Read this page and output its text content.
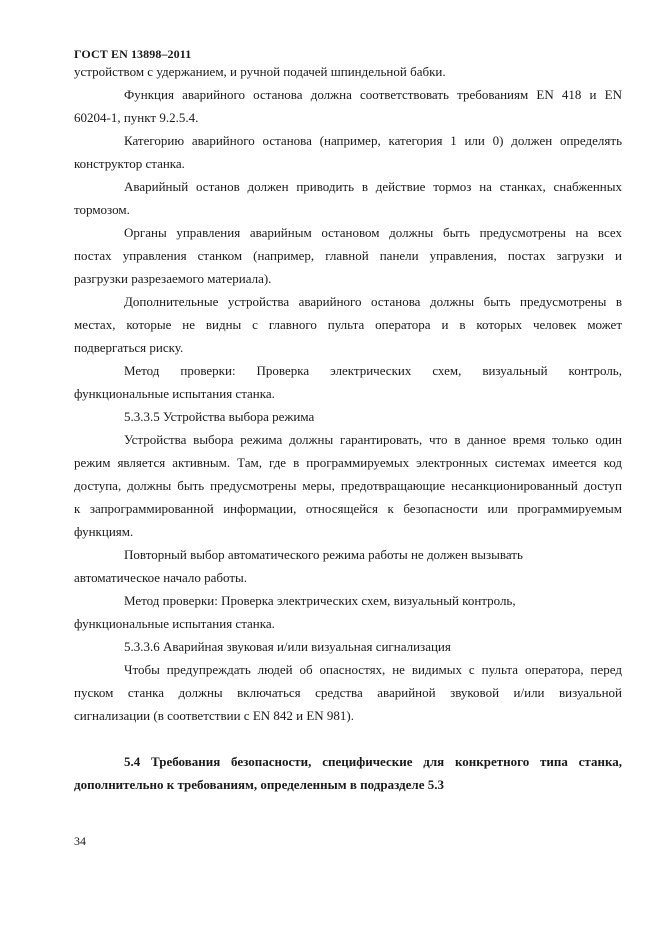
ГОСТ EN 13898–2011

устройством с удержанием, и ручной подачей шпиндельной бабки.

Функция аварийного останова должна соответствовать требованиям EN 418 и EN
60204-1, пункт 9.2.5.4.

Категорию аварийного останова (например, категория 1 или 0) должен определять
конструктор станка.

Аварийный останов должен приводить в действие тормоз на станках, снабженных
тормозом.

Органы управления аварийным остановом должны быть предусмотрены на всех
постах управления станком (например, главной панели управления, постах загрузки и
разгрузки разрезаемого материала).

Дополнительные устройства аварийного останова должны быть предусмотрены в
местах, которые не видны с главного пульта оператора и в которых человек может
подвергаться риску.

Метод проверки: Проверка электрических схем, визуальный контроль,
функциональные испытания станка.

5.3.3.5 Устройства выбора режима

Устройства выбора режима должны гарантировать, что в данное время только один
режим является активным. Там, где в программируемых электронных системах имеется код
доступа, должны быть предусмотрены меры, предотвращающие несанкционированный доступ
к запрограммированной информации, относящейся к безопасности или программируемым
функциям.

Повторный выбор автоматического режима работы не должен вызывать
автоматическое начало работы.

Метод проверки: Проверка электрических схем, визуальный контроль,
функциональные испытания станка.

5.3.3.6 Аварийная звуковая и/или визуальная сигнализация

Чтобы предупреждать людей об опасностях, не видимых с пульта оператора, перед
пуском станка должны включаться средства аварийной звуковой и/или визуальной
сигнализации (в соответствии с EN 842 и EN 981).

5.4 Требования безопасности, специфические для конкретного типа станка,
дополнительно к требованиям, определенным в подразделе 5.3

34
